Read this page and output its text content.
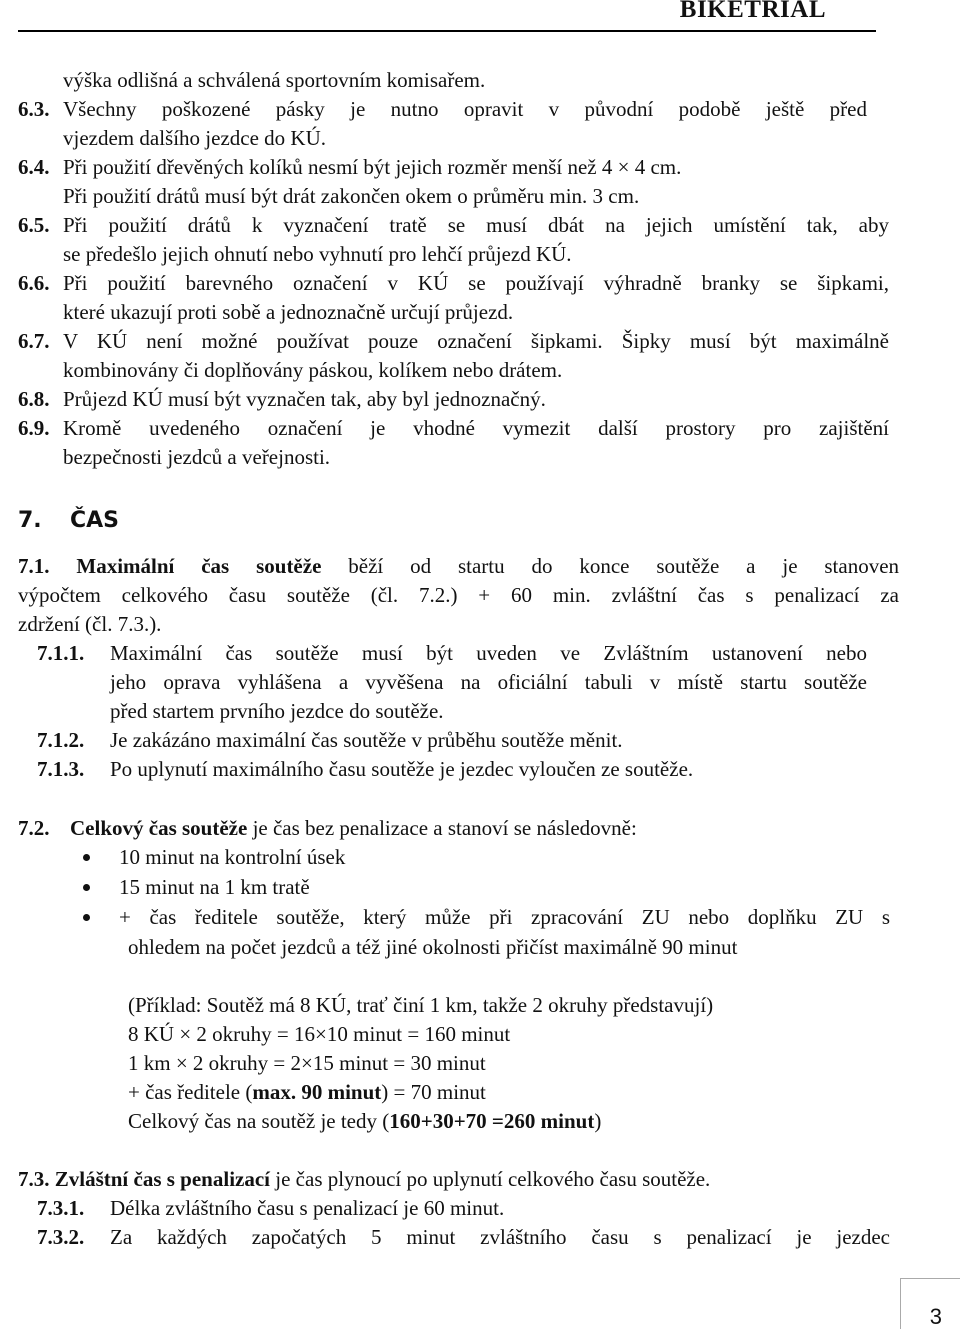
BIKETRIAL
výška odlišná a schválená sportovním komisařem.
6.3. Všechny poškozené pásky je nutno opravit v původní podobě ještě před
vjezdem dalšího jezdce do KÚ.
6.4. Při použití dřevěných kolíků nesmí být jejich rozměr menší než 4 × 4 cm.
Při použití drátů musí být drát zakončen okem o průměru min. 3 cm.
6.5. Při použití drátů k vyznačení tratě se musí dbát na jejich umístění tak, aby
se předešlo jejich ohnutí nebo vyhnutí pro lehčí průjezd KÚ.
6.6. Při použití barevného označení v KÚ se používají výhradně branky se šipkami,
které ukazují proti sobě a jednoznačně určují průjezd.
6.7. V KÚ není možné používat pouze označení šipkami. Šipky musí být maximálně
kombinovány či doplňovány páskou, kolíkem nebo drátem.
6.8. Průjezd KÚ musí být vyznačen tak, aby byl jednoznačný.
6.9. Kromě uvedeného označení je vhodné vymezit další prostory pro zajištění
bezpečnosti jezdců a veřejnosti.
7. ČAS
7.1. Maximální čas soutěže běží od startu do konce soutěže a je stanoven
výpočtem celkového času soutěže (čl. 7.2.) + 60 min. zvláštní čas s penalizací za
zdržení (čl. 7.3.).
7.1.1. Maximální čas soutěže musí být uveden ve Zvláštním ustanovení nebo
jeho oprava vyhlášena a vyvěšena na oficiální tabuli v místě startu soutěže
před startem prvního jezdce do soutěže.
7.1.2. Je zakázáno maximální čas soutěže v průběhu soutěže měnit.
7.1.3. Po uplynutí maximálního času soutěže je jezdec vyloučen ze soutěže.
7.2. Celkový čas soutěže je čas bez penalizace a stanoví se následovně:
10 minut na kontrolní úsek
15 minut na 1 km tratě
+ čas ředitele soutěže, který může při zpracování ZU nebo doplňku ZU s
ohledem na počet jezdců a též jiné okolnosti přičíst maximálně 90 minut
(Příklad: Soutěž má 8 KÚ, trať činí 1 km, takže 2 okruhy představují)
8 KÚ × 2 okruhy = 16×10 minut = 160 minut
1 km × 2 okruhy = 2×15 minut = 30 minut
+ čas ředitele (max. 90 minut) = 70 minut
Celkový čas na soutěž je tedy (160+30+70 =260 minut)
7.3. Zvláštní čas s penalizací je čas plynoucí po uplynutí celkového času soutěže.
7.3.1. Délka zvláštního času s penalizací je 60 minut.
7.3.2. Za každých započatých 5 minut zvláštního času s penalizací je jezdec
3
